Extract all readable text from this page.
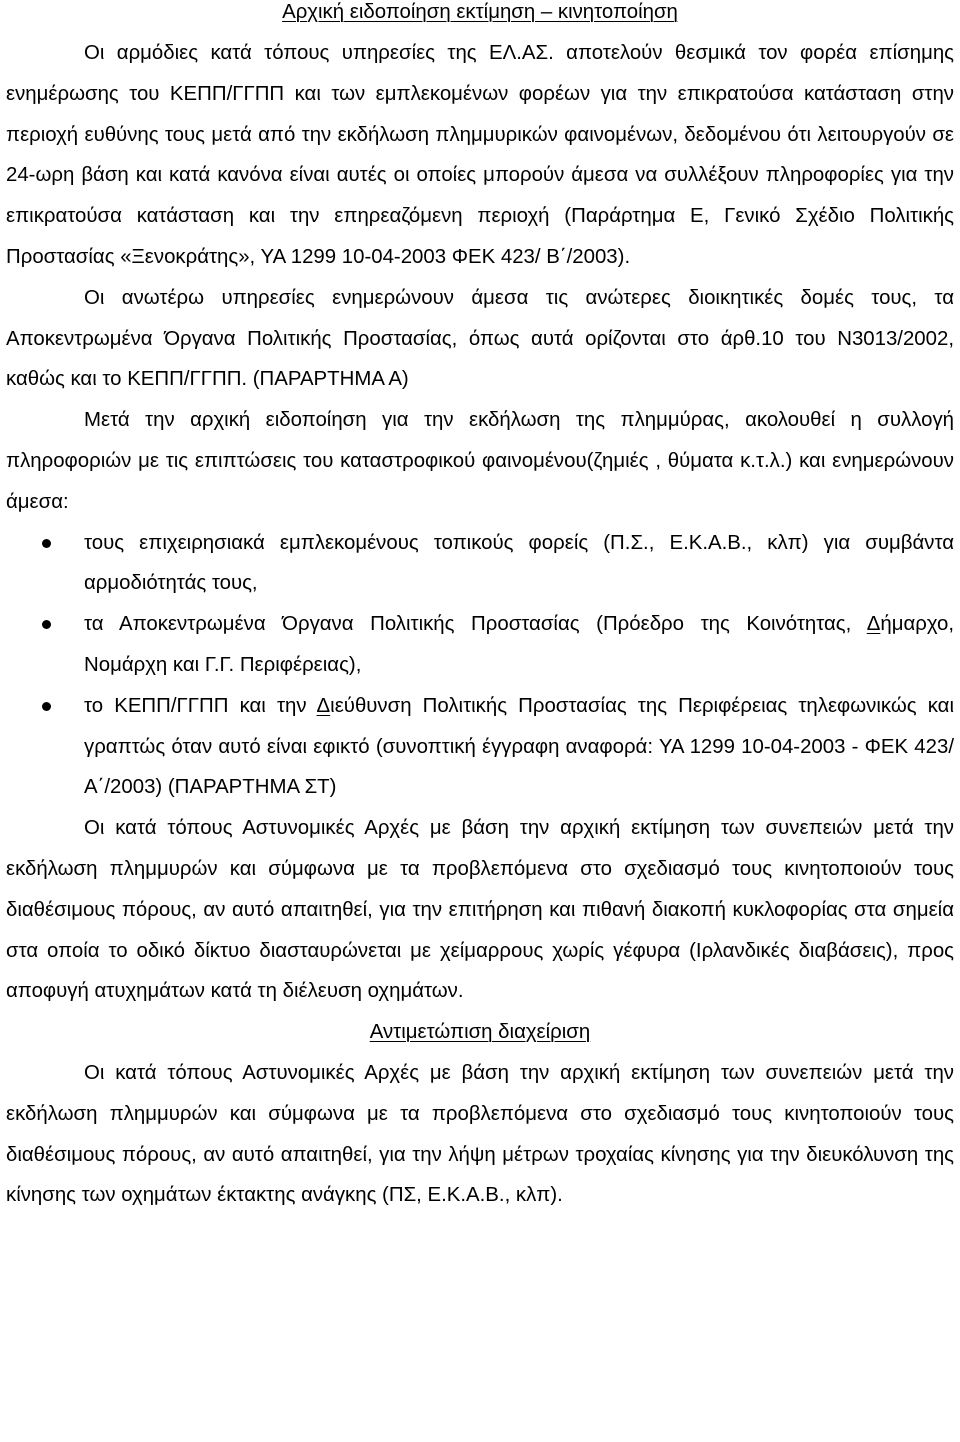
Αρχική ειδοποίηση εκτίμηση – κινητοποίηση

Οι αρμόδιες κατά τόπους υπηρεσίες της ΕΛ.ΑΣ. αποτελούν θεσμικά τον φορέα επίσημης ενημέρωσης του ΚΕΠΠ/ΓΓΠΠ και των εμπλεκομένων φορέων για την επικρατούσα κατάσταση στην περιοχή ευθύνης τους μετά από την εκδήλωση πλημμυρικών φαινομένων, δεδομένου ότι λειτουργούν σε 24-ωρη βάση και κατά κανόνα είναι αυτές οι οποίες μπορούν άμεσα να συλλέξουν πληροφορίες για την επικρατούσα κατάσταση και την επηρεαζόμενη περιοχή (Παράρτημα Ε, Γενικό Σχέδιο Πολιτικής Προστασίας «Ξενοκράτης», ΥΑ 1299 10-04-2003 ΦΕΚ 423/ Β΄/2003).

Οι ανωτέρω υπηρεσίες ενημερώνουν άμεσα τις ανώτερες διοικητικές δομές τους, τα Αποκεντρωμένα Όργανα Πολιτικής Προστασίας, όπως αυτά ορίζονται στο άρθ.10 του Ν3013/2002, καθώς και το ΚΕΠΠ/ΓΓΠΠ. (ΠΑΡΑΡΤΗΜΑ Α)

Μετά την αρχική ειδοποίηση για την εκδήλωση της πλημμύρας, ακολουθεί η συλλογή πληροφοριών με τις επιπτώσεις του καταστροφικού φαινομένου(ζημιές , θύματα κ.τ.λ.) και ενημερώνουν άμεσα:

τους επιχειρησιακά εμπλεκομένους τοπικούς φορείς (Π.Σ., Ε.Κ.Α.Β., κλπ) για συμβάντα αρμοδιότητάς τους,
τα Αποκεντρωμένα Όργανα Πολιτικής Προστασίας (Πρόεδρο της Κοινότητας, Δήμαρχο, Νομάρχη και Γ.Γ. Περιφέρειας),
το ΚΕΠΠ/ΓΓΠΠ και την Διεύθυνση Πολιτικής Προστασίας της Περιφέρειας τηλεφωνικώς και γραπτώς όταν αυτό είναι εφικτό (συνοπτική έγγραφη αναφορά: ΥΑ 1299 10-04-2003 - ΦΕΚ 423/Α΄/2003) (ΠΑΡΑΡΤΗΜΑ ΣΤ)

Οι κατά τόπους Αστυνομικές Αρχές με βάση την αρχική εκτίμηση των συνεπειών μετά την εκδήλωση πλημμυρών και σύμφωνα με τα προβλεπόμενα στο σχεδιασμό τους κινητοποιούν τους διαθέσιμους πόρους, αν αυτό απαιτηθεί, για την επιτήρηση και πιθανή διακοπή κυκλοφορίας στα σημεία στα οποία το οδικό δίκτυο διασταυρώνεται με χείμαρρους χωρίς γέφυρα (Ιρλανδικές διαβάσεις), προς αποφυγή ατυχημάτων κατά τη διέλευση οχημάτων.

Αντιμετώπιση διαχείριση

Οι κατά τόπους Αστυνομικές Αρχές με βάση την αρχική εκτίμηση των συνεπειών μετά την εκδήλωση πλημμυρών και σύμφωνα με τα προβλεπόμενα στο σχεδιασμό τους κινητοποιούν τους διαθέσιμους πόρους, αν αυτό απαιτηθεί, για την λήψη μέτρων τροχαίας κίνησης για την διευκόλυνση της κίνησης των οχημάτων έκτακτης ανάγκης (ΠΣ, Ε.Κ.Α.Β., κλπ).
